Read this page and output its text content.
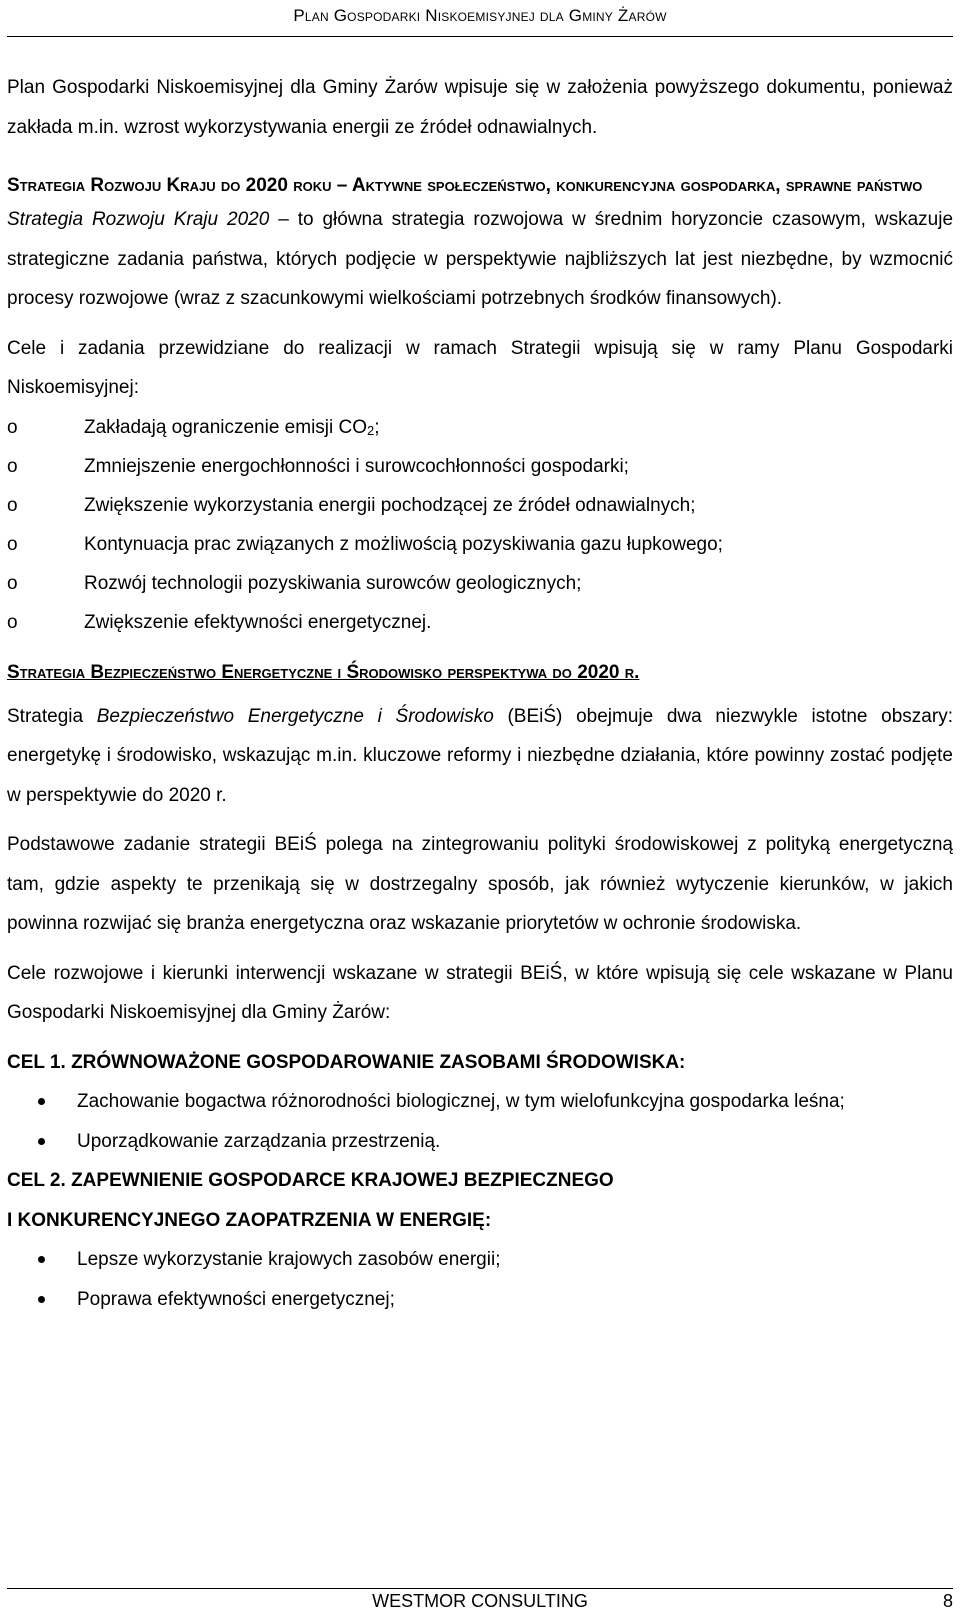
Plan Gospodarki Niskoemisyjnej dla Gminy Żarów

Plan Gospodarki Niskoemisyjnej dla Gminy Żarów wpisuje się w założenia powyższego dokumentu, ponieważ zakłada m.in. wzrost wykorzystywania energii ze źródeł odnawialnych.

Strategia Rozwoju Kraju do 2020 roku – Aktywne społeczeństwo, konkurencyjna gospodarka, sprawne państwo

Strategia Rozwoju Kraju 2020 – to główna strategia rozwojowa w średnim horyzoncie czasowym, wskazuje strategiczne zadania państwa, których podjęcie w perspektywie najbliższych lat jest niezbędne, by wzmocnić procesy rozwojowe (wraz z szacunkowymi wielkościami potrzebnych środków finansowych).

Cele i zadania przewidziane do realizacji w ramach Strategii wpisują się w ramy Planu Gospodarki Niskoemisyjnej:

o	Zakładają ograniczenie emisji $CO_2$;
o	Zmniejszenie energochłonności i surowcochłonności gospodarki;
o	Zwiększenie wykorzystania energii pochodzącej ze źródeł odnawialnych;
o	Kontynuacja prac związanych z możliwością pozyskiwania gazu łupkowego;
o	Rozwój technologii pozyskiwania surowców geologicznych;
o	Zwiększenie efektywności energetycznej.
Strategia Bezpieczeństwo Energetyczne i Środowisko perspektywa do 2020 r.

Strategia Bezpieczeństwo Energetyczne i Środowisko (BEiŚ) obejmuje dwa niezwykle istotne obszary: energetykę i środowisko, wskazując m.in. kluczowe reformy i niezbędne działania, które powinny zostać podjęte w perspektywie do 2020 r.

Podstawowe zadanie strategii BEiŚ polega na zintegrowaniu polityki środowiskowej z polityką energetyczną tam, gdzie aspekty te przenikają się w dostrzegalny sposób, jak również wytyczenie kierunków, w jakich powinna rozwijać się branża energetyczna oraz wskazanie priorytetów w ochronie środowiska.

Cele rozwojowe i kierunki interwencji wskazane w strategii BEiŚ, w które wpisują się cele wskazane w Planu Gospodarki Niskoemisyjnej dla Gminy Żarów:

CEL 1. ZRÓWNOWAŻONE GOSPODAROWANIE ZASOBAMI ŚRODOWISKA:

Zachowanie bogactwa różnorodności biologicznej, w tym wielofunkcyjna gospodarka leśna;
Uporządkowanie zarządzania przestrzenią.

CEL 2. ZAPEWNIENIE GOSPODARCE KRAJOWEJ BEZPIECZNEGO

I KONKURENCYJNEGO ZAOPATRZENIA W ENERGIĘ:

Lepsze wykorzystanie krajowych zasobów energii;
Poprawa efektywności energetycznej;
WESTMOR CONSULTING	8
